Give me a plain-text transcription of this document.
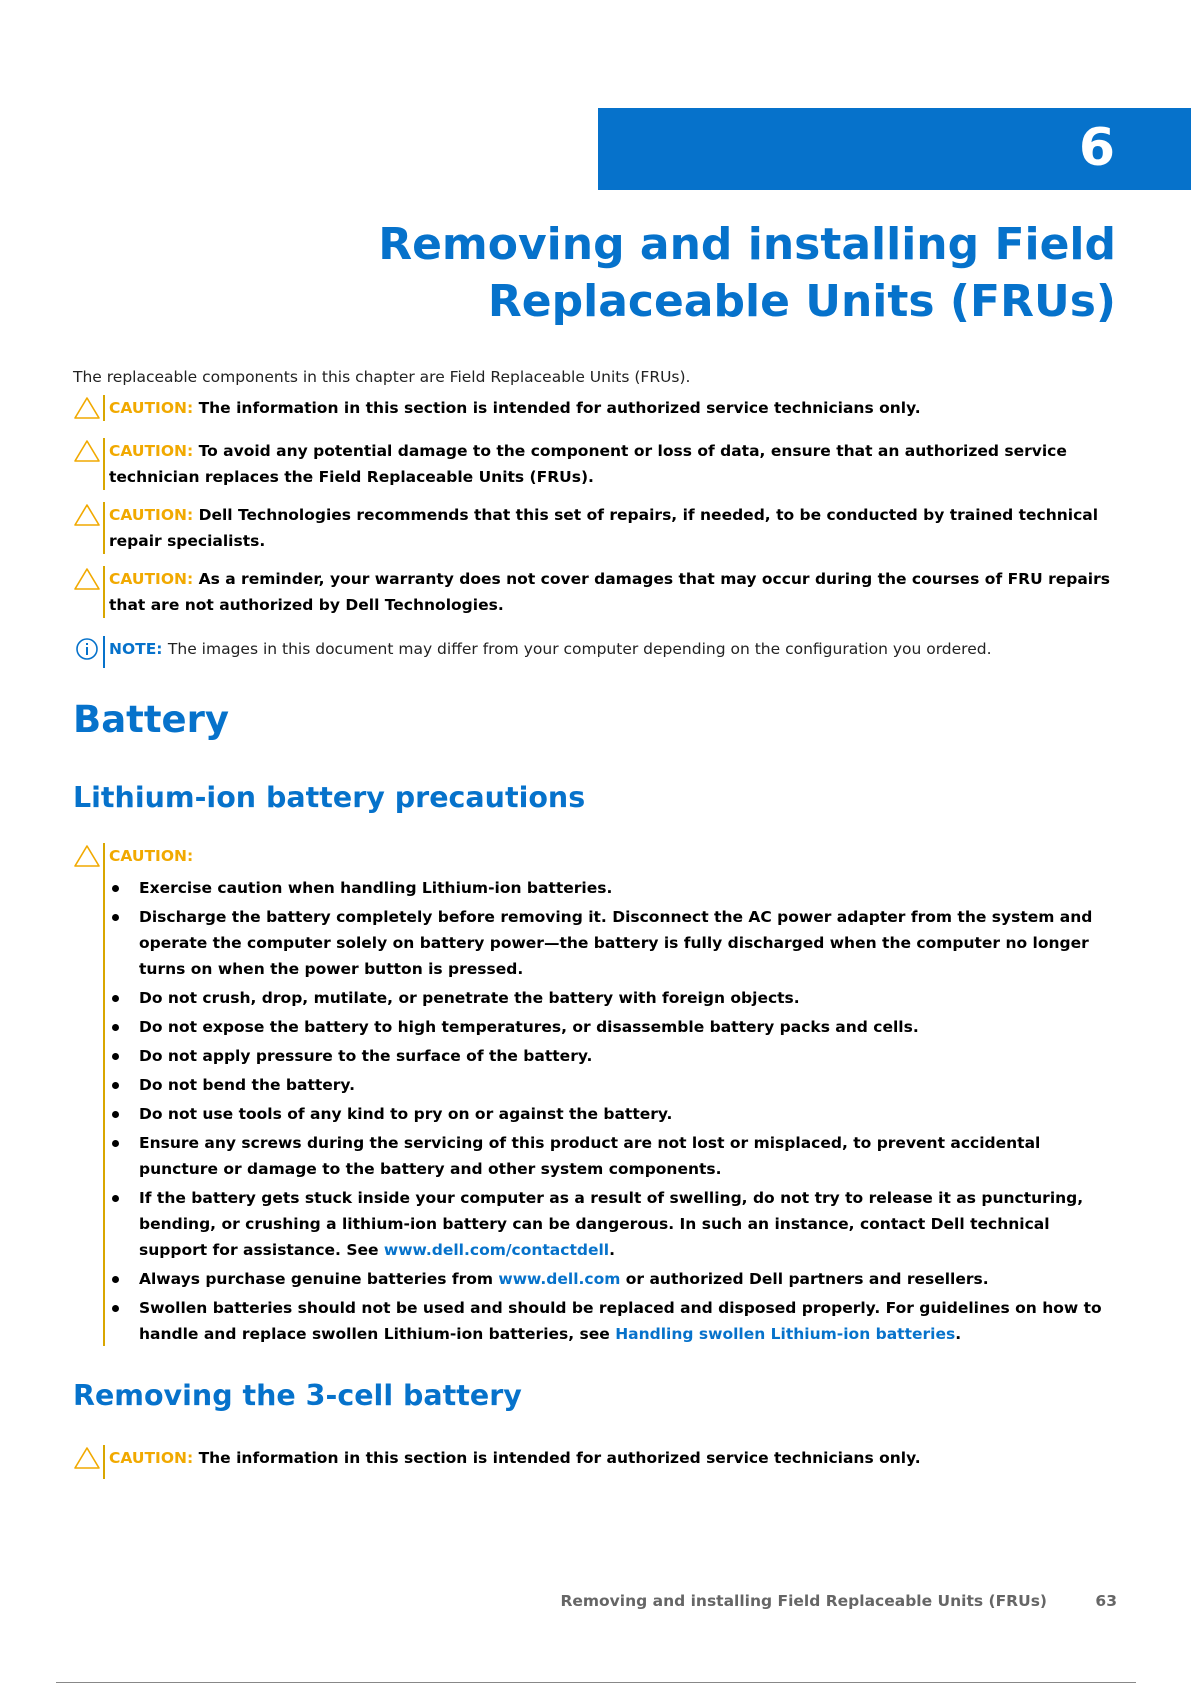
6
Removing and installing Field Replaceable Units (FRUs)

The replaceable components in this chapter are Field Replaceable Units (FRUs).

CAUTION: The information in this section is intended for authorized service technicians only.
CAUTION: To avoid any potential damage to the component or loss of data, ensure that an authorized service technician replaces the Field Replaceable Units (FRUs).
CAUTION: Dell Technologies recommends that this set of repairs, if needed, to be conducted by trained technical repair specialists.
CAUTION: As a reminder, your warranty does not cover damages that may occur during the courses of FRU repairs that are not authorized by Dell Technologies.
NOTE: The images in this document may differ from your computer depending on the configuration you ordered.
Battery
Lithium-ion battery precautions
CAUTION:
Exercise caution when handling Lithium-ion batteries.
Discharge the battery completely before removing it. Disconnect the AC power adapter from the system and operate the computer solely on battery power—the battery is fully discharged when the computer no longer turns on when the power button is pressed.
Do not crush, drop, mutilate, or penetrate the battery with foreign objects.
Do not expose the battery to high temperatures, or disassemble battery packs and cells.
Do not apply pressure to the surface of the battery.
Do not bend the battery.
Do not use tools of any kind to pry on or against the battery.
Ensure any screws during the servicing of this product are not lost or misplaced, to prevent accidental puncture or damage to the battery and other system components.
If the battery gets stuck inside your computer as a result of swelling, do not try to release it as puncturing, bending, or crushing a lithium-ion battery can be dangerous. In such an instance, contact Dell technical support for assistance. See www.dell.com/contactdell.
Always purchase genuine batteries from www.dell.com or authorized Dell partners and resellers.
Swollen batteries should not be used and should be replaced and disposed properly. For guidelines on how to handle and replace swollen Lithium-ion batteries, see Handling swollen Lithium-ion batteries.
Removing the 3-cell battery
CAUTION: The information in this section is intended for authorized service technicians only.
Removing and installing Field Replaceable Units (FRUs)	63
